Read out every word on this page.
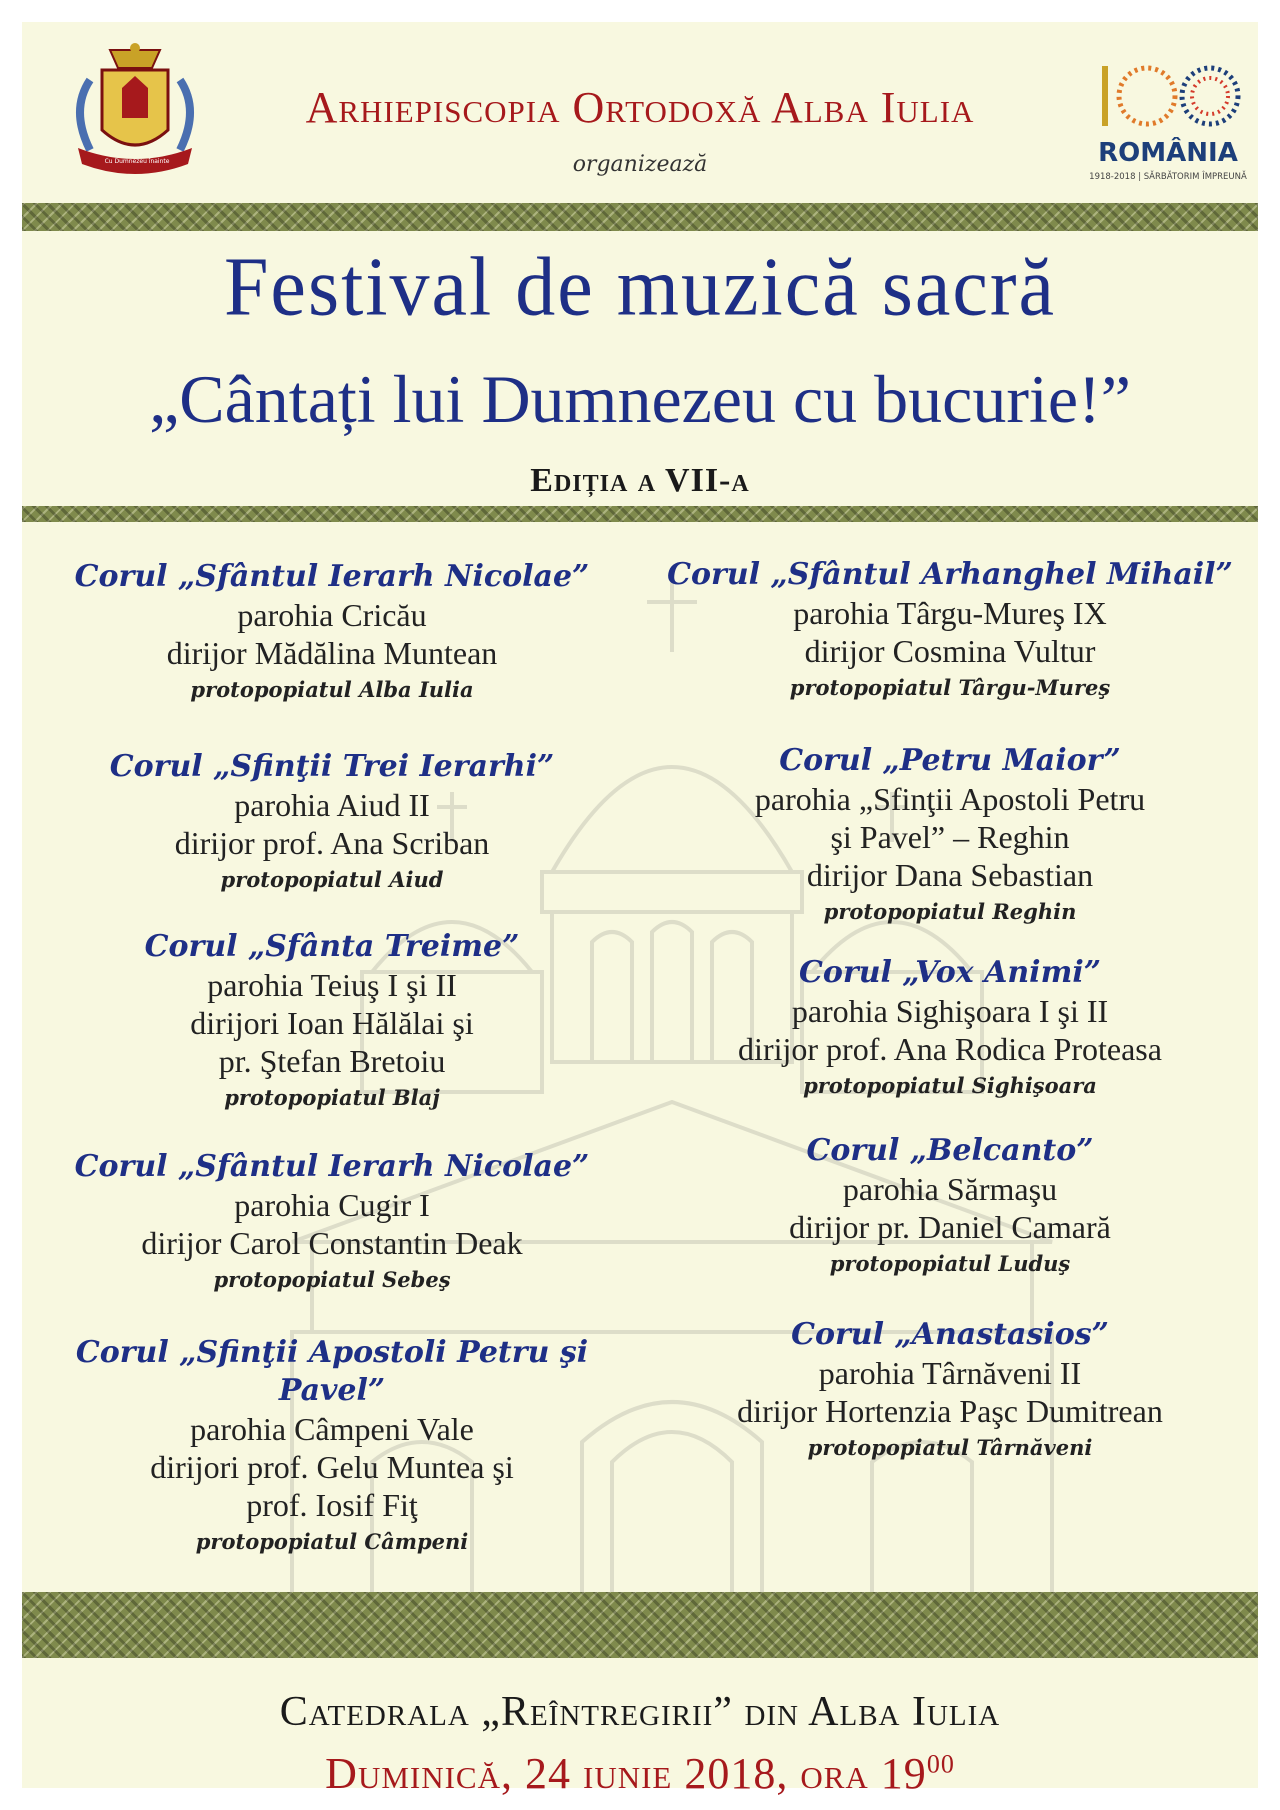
Cu Dumnezeu înainte
Arhiepiscopia Ortodoxă Alba Iulia
organizează
100
ROMÂNIA
1918-2018 | SĂRBĂTORIM ÎMPREUNĂ
Festival de muzică sacră
„Cântați lui Dumnezeu cu bucurie!”
Ediția a VII-a
Corul „Sfântul Ierarh Nicolae”
parohia Cricău
dirijor Mădălina Muntean
protopopiatul Alba Iulia
Corul „Sfinţii Trei Ierarhi”
parohia Aiud II
dirijor prof. Ana Scriban
protopopiatul Aiud
Corul „Sfânta Treime”
parohia Teiuş I şi II
dirijori Ioan Hălălai şi
pr. Ştefan Bretoiu
protopopiatul Blaj
Corul „Sfântul Ierarh Nicolae”
parohia Cugir I
dirijor Carol Constantin Deak
protopopiatul Sebeş
Corul „Sfinţii Apostoli Petru şi Pavel”
parohia Câmpeni Vale
dirijori prof. Gelu Muntea şi
prof. Iosif Fiţ
protopopiatul Câmpeni
Corul „Sfântul Arhanghel Mihail”
parohia Târgu-Mureş IX
dirijor Cosmina Vultur
protopopiatul Târgu-Mureş
Corul „Petru Maior”
parohia „Sfinţii Apostoli Petru
şi Pavel” – Reghin
dirijor Dana Sebastian
protopopiatul Reghin
Corul „Vox Animi”
parohia Sighişoara I şi II
dirijor prof. Ana Rodica Proteasa
protopopiatul Sighişoara
Corul „Belcanto”
parohia Sărmaşu
dirijor pr. Daniel Camară
protopopiatul Luduş
Corul „Anastasios”
parohia Târnăveni II
dirijor Hortenzia Paşc Dumitrean
protopopiatul Târnăveni
Catedrala „Reîntregirii” din Alba Iulia
Duminică, 24 iunie 2018, ora $19^{00}$
